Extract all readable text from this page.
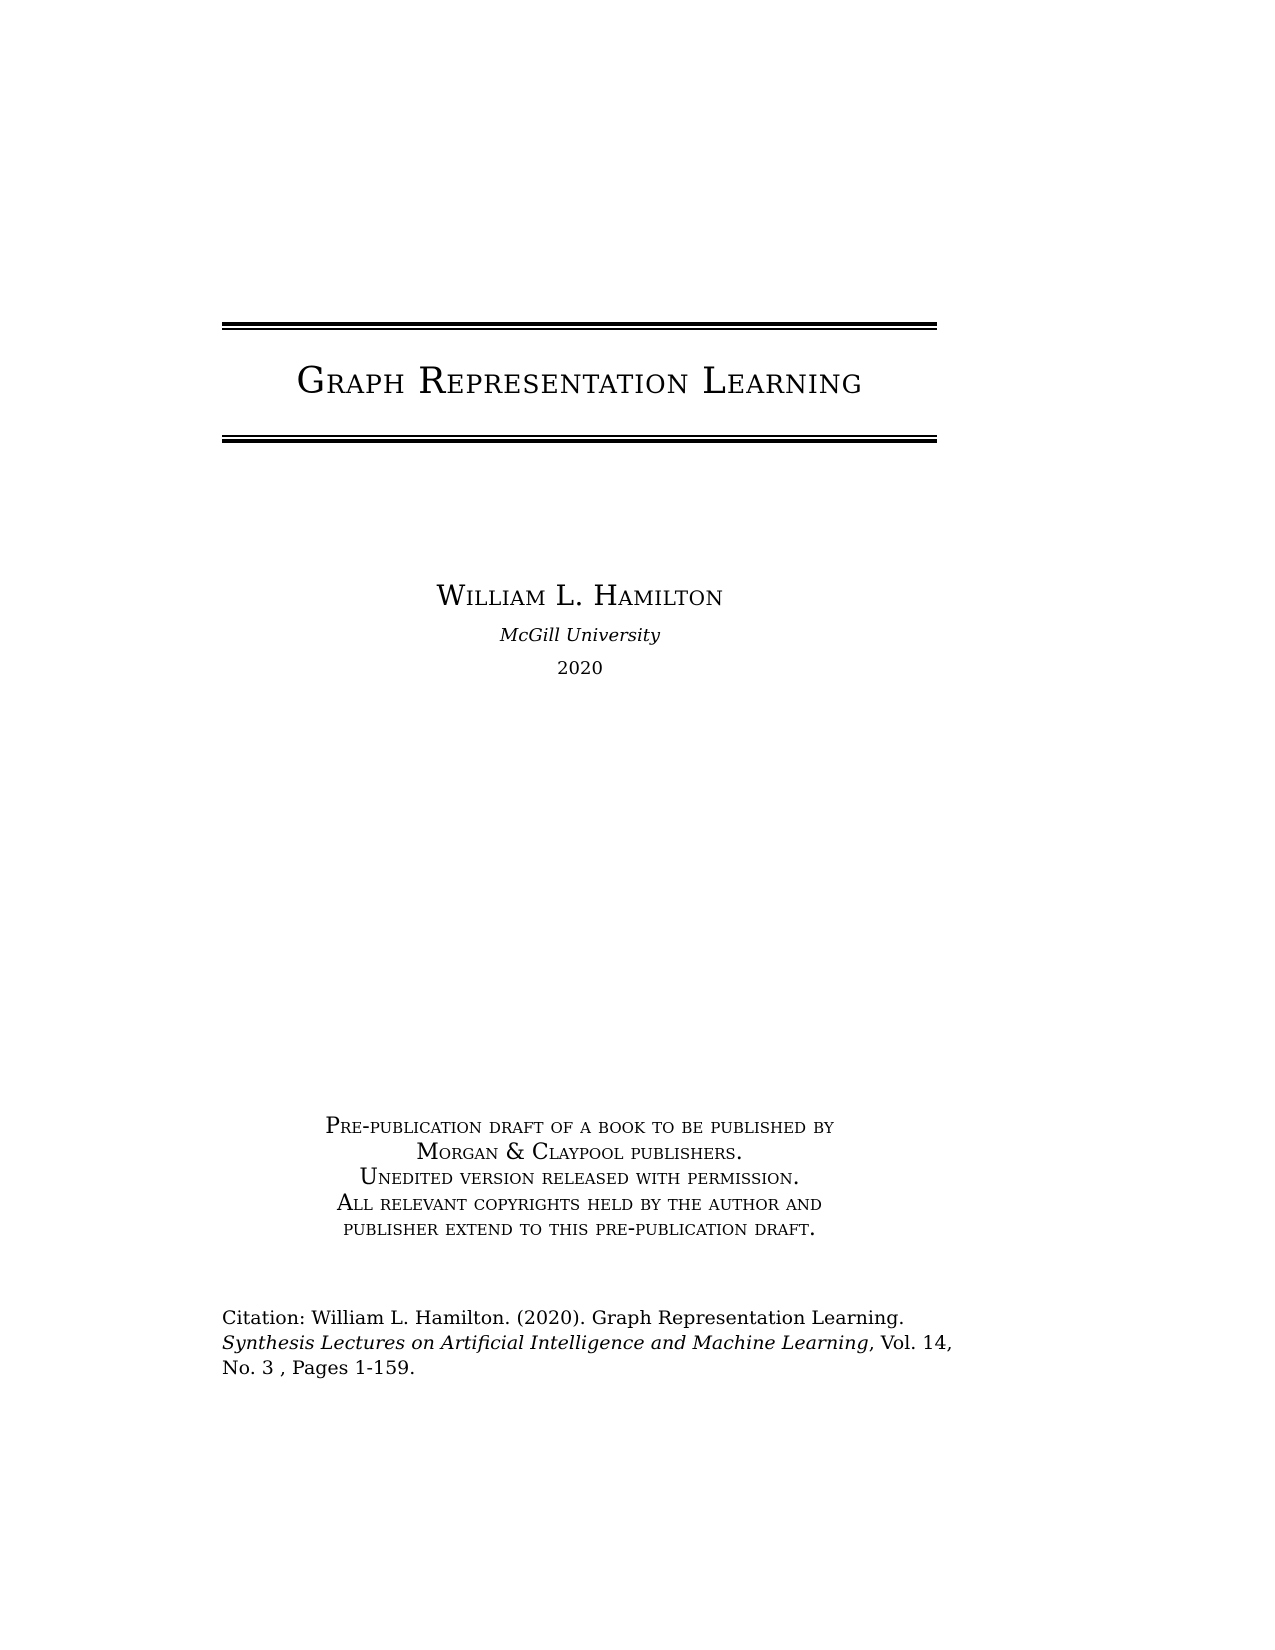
Graph Representation Learning
William L. Hamilton
McGill University
2020
Pre-publication draft of a book to be published by
Morgan & Claypool publishers.
Unedited version released with permission.
All relevant copyrights held by the author and
publisher extend to this pre-publication draft.
Citation: William L. Hamilton. (2020). Graph Representation Learning.
Synthesis Lectures on Artificial Intelligence and Machine Learning, Vol. 14,
No. 3 , Pages 1-159.
